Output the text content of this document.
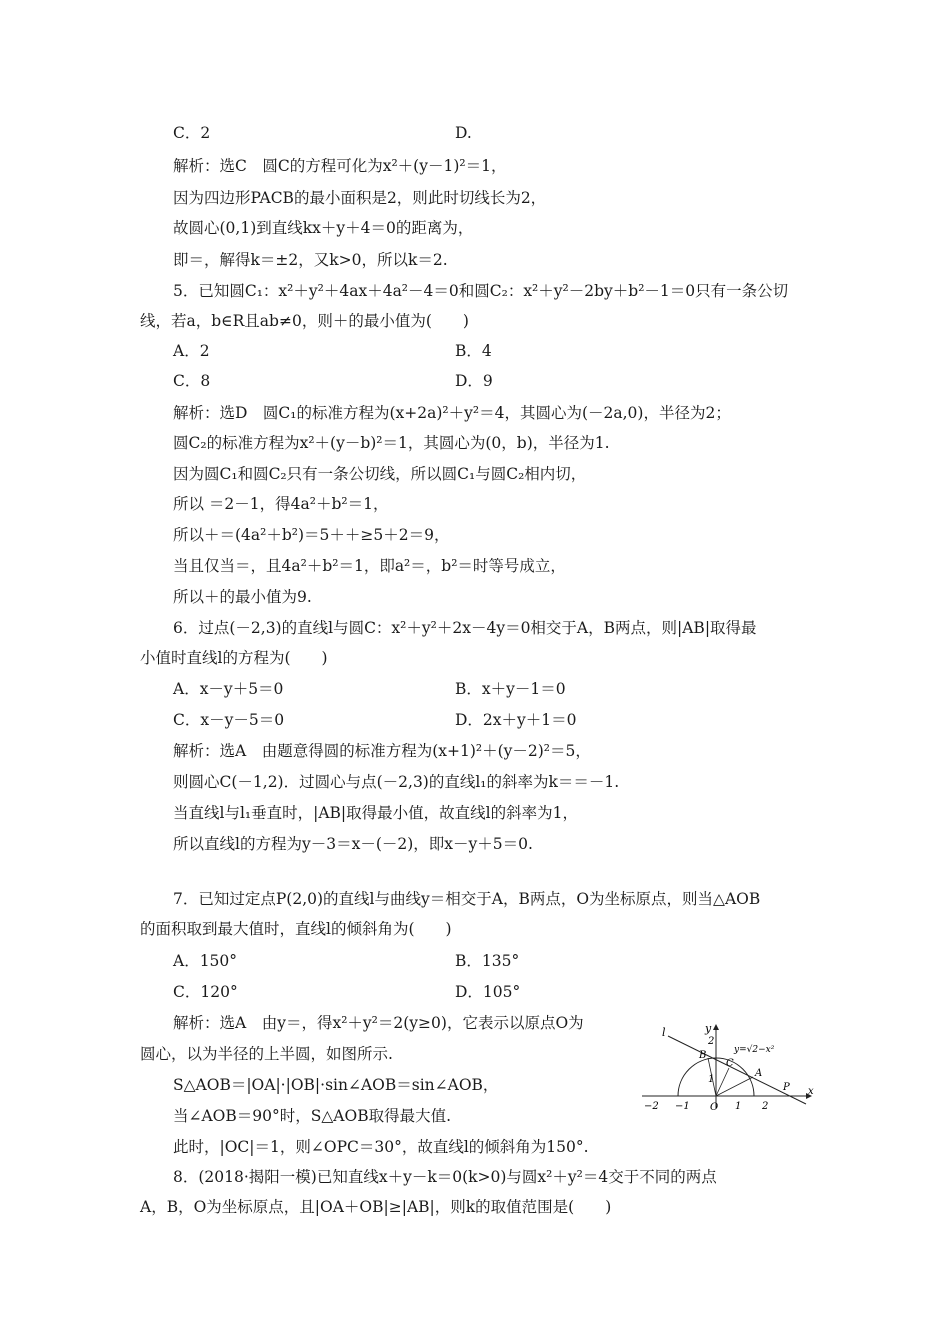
C．2	D.
解析：选C　圆C的方程可化为x²＋(y－1)²＝1，
因为四边形PACB的最小面积是2，则此时切线长为2，
故圆心(0,1)到直线kx＋y＋4＝0的距离为，
即＝，解得k＝±2，又k>0，所以k＝2.
5．已知圆C₁：x²＋y²＋4ax＋4a²－4＝0和圆C₂：x²＋y²－2by＋b²－1＝0只有一条公切
线，若a，b∈R且ab≠0，则＋的最小值为(　　)
A．2	B．4
C．8	D．9
解析：选D　圆C₁的标准方程为(x+2a)²＋y²＝4，其圆心为(－2a,0)，半径为2；
圆C₂的标准方程为x²＋(y－b)²＝1，其圆心为(0，b)，半径为1.
因为圆C₁和圆C₂只有一条公切线，所以圆C₁与圆C₂相内切，
所以 ＝2－1，得4a²＋b²＝1，
所以＋＝(4a²＋b²)＝5＋＋≥5＋2＝9，
当且仅当＝，且4a²＋b²＝1，即a²＝，b²＝时等号成立，
所以＋的最小值为9.
6．过点(－2,3)的直线l与圆C：x²＋y²＋2x－4y＝0相交于A，B两点，则|AB|取得最
小值时直线l的方程为(　　)
A．x－y＋5＝0	B．x＋y－1＝0
C．x－y－5＝0	D．2x＋y＋1＝0
解析：选A　由题意得圆的标准方程为(x+1)²＋(y－2)²＝5，
则圆心C(－1,2)．过圆心与点(－2,3)的直线l₁的斜率为k＝＝－1.
当直线l与l₁垂直时，|AB|取得最小值，故直线l的斜率为1，
所以直线l的方程为y－3＝x－(－2)，即x－y＋5＝0.
7．已知过定点P(2,0)的直线l与曲线y＝相交于A，B两点，O为坐标原点，则当△AOB
的面积取到最大值时，直线l的倾斜角为(　　)
A．150°	B．135°
C．120°	D．105°
解析：选A　由y＝，得x²＋y²＝2(y≥0)，它表示以原点O为
圆心，以为半径的上半圆，如图所示.
S△AOB＝|OA|·|OB|·sin∠AOB＝sin∠AOB，
当∠AOB＝90°时，S△AOB取得最大值.
此时，|OC|＝1，则∠OPC＝30°，故直线l的倾斜角为150°.
8．(2018·揭阳一模)已知直线x＋y－k＝0(k>0)与圆x²＋y²＝4交于不同的两点
A，B，O为坐标原点，且|OA＋OB|≥|AB|，则k的取值范围是(　　)
l	y
x
y=√2−x²
O
A
B
C
P
−2 −1	1 2
2
1
